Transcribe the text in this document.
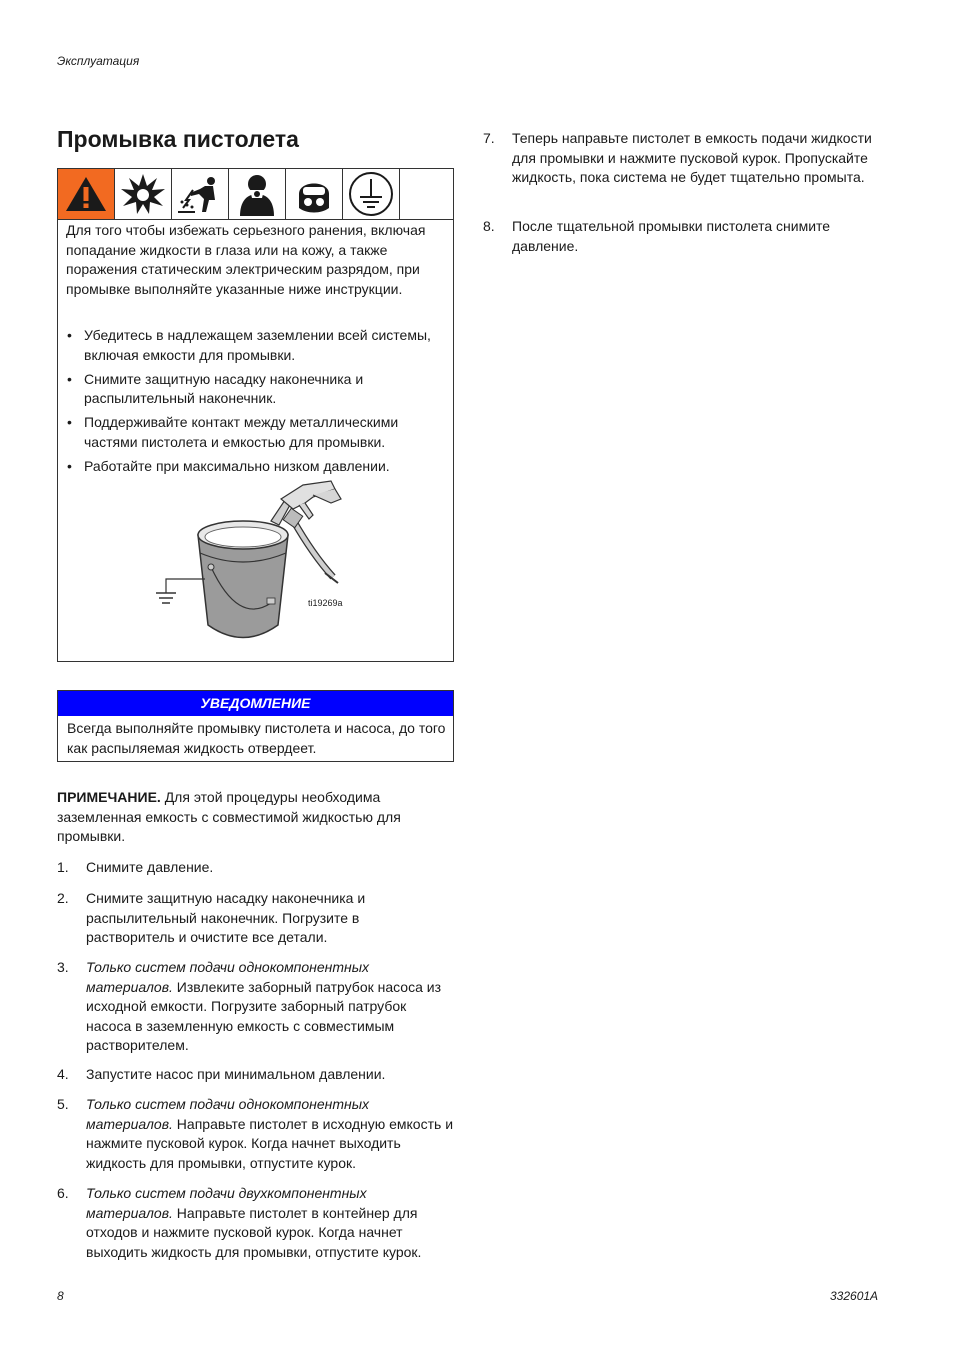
Эксплуатация
Промывка пистолета
Для того чтобы избежать серьезного ранения, включая попадание жидкости в глаза или на кожу, а также поражения статическим электрическим разрядом, при промывке выполняйте указанные ниже инструкции.
• Убедитесь в надлежащем заземлении всей системы, включая емкости для промывки.
• Снимите защитную насадку наконечника и распылительный наконечник.
• Поддерживайте контакт между металлическими частями пистолета и емкостью для промывки.
• Работайте при максимально низком давлении.
ti19269a
УВЕДОМЛЕНИЕ
Всегда выполняйте промывку пистолета и насоса, до того как распыляемая жидкость отвердеет.
ПРИМЕЧАНИЕ. Для этой процедуры необходима заземленная емкость с совместимой жидкостью для промывки.
1. Снимите давление.
2. Снимите защитную насадку наконечника и распылительный наконечник. Погрузите в растворитель и очистите все детали.
3. Только систем подачи однокомпонентных материалов. Извлеките заборный патрубок насоса из исходной емкости. Погрузите заборный патрубок насоса в заземленную емкость с совместимым растворителем.
4. Запустите насос при минимальном давлении.
5. Только систем подачи однокомпонентных материалов. Направьте пистолет в исходную емкость и нажмите пусковой курок. Когда начнет выходить жидкость для промывки, отпустите курок.
6. Только систем подачи двухкомпонентных материалов. Направьте пистолет в контейнер для отходов и нажмите пусковой курок. Когда начнет выходить жидкость для промывки, отпустите курок.
7. Теперь направьте пистолет в емкость подачи жидкости для промывки и нажмите пусковой курок. Пропускайте жидкость, пока система не будет тщательно промыта.
8. После тщательной промывки пистолета снимите давление.
8	332601A
